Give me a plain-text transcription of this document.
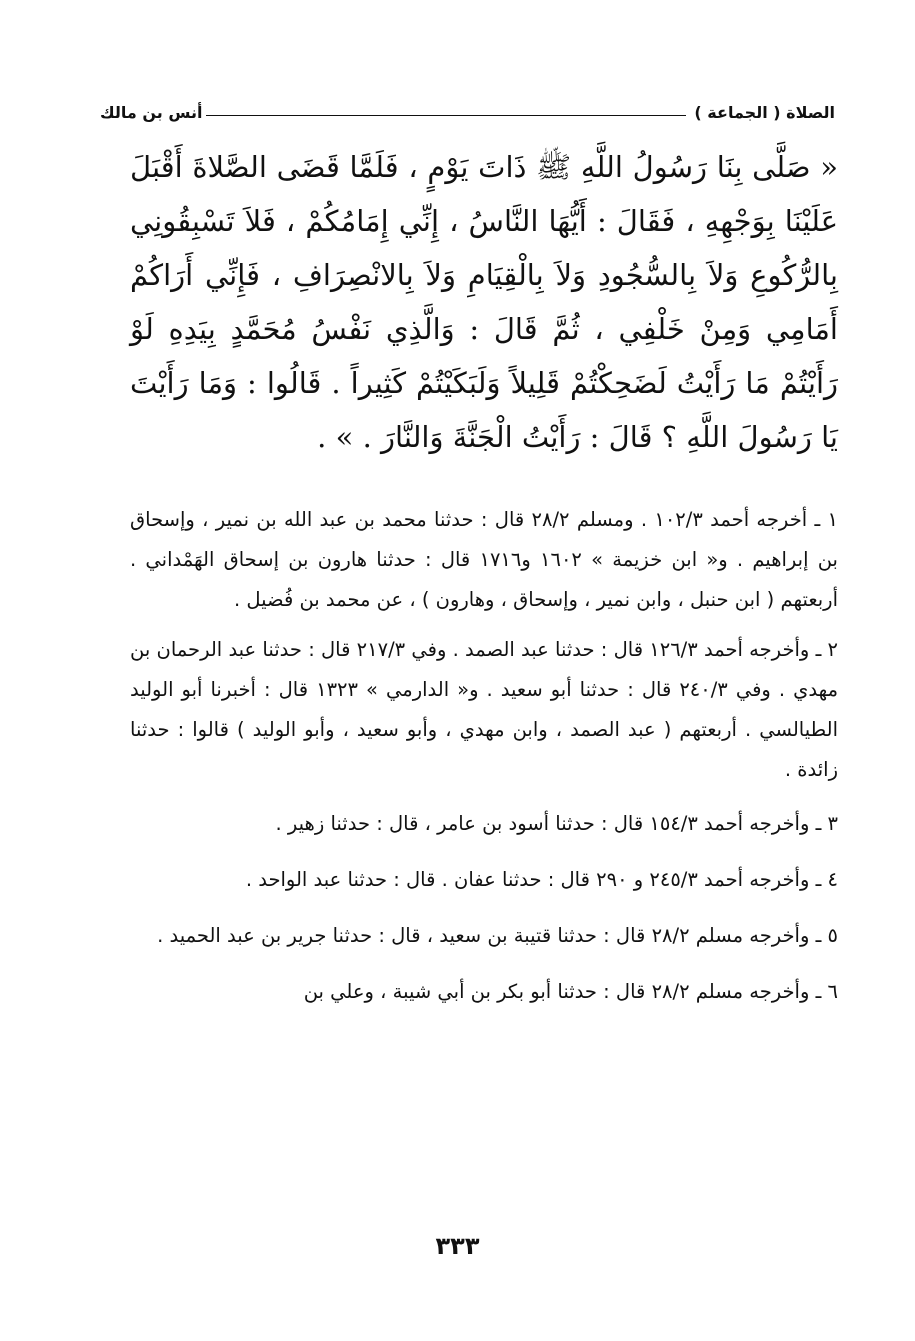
الصلاة ( الجماعة )
أنس بن مالك
« صَلَّى بِنَا رَسُولُ اللَّهِ ﷺ ذَاتَ يَوْمٍ ، فَلَمَّا قَضَى الصَّلاةَ أَقْبَلَ عَلَيْنَا بِوَجْهِهِ ، فَقَالَ : أَيُّهَا النَّاسُ ، إِنِّي إِمَامُكُمْ ، فَلاَ تَسْبِقُونِي بِالرُّكُوعِ وَلاَ بِالسُّجُودِ وَلاَ بِالْقِيَامِ وَلاَ بِالانْصِرَافِ ، فَإِنِّي أَرَاكُمْ أَمَامِي وَمِنْ خَلْفِي ، ثُمَّ قَالَ : وَالَّذِي نَفْسُ مُحَمَّدٍ بِيَدِهِ لَوْ رَأَيْتُمْ مَا رَأَيْتُ لَضَحِكْتُمْ قَلِيلاً وَلَبَكَيْتُمْ كَثِيراً . قَالُوا : وَمَا رَأَيْتَ يَا رَسُولَ اللَّهِ ؟ قَالَ : رَأَيْتُ الْجَنَّةَ وَالنَّارَ . » .

١ ـ أخرجه أحمد ١٠٢/٣ . ومسلم ٢٨/٢ قال : حدثنا محمد بن عبد الله بن نمير ، وإسحاق بن إبراهيم . و« ابن خزيمة » ١٦٠٢ و١٧١٦ قال : حدثنا هارون بن إسحاق الهَمْداني . أربعتهم ( ابن حنبل ، وابن نمير ، وإسحاق ، وهارون ) ، عن محمد بن فُضيل .

٢ ـ وأخرجه أحمد ١٢٦/٣ قال : حدثنا عبد الصمد . وفي ٢١٧/٣ قال : حدثنا عبد الرحمان بن مهدي . وفي ٢٤٠/٣ قال : حدثنا أبو سعيد . و« الدارمي » ١٣٢٣ قال : أخبرنا أبو الوليد الطيالسي . أربعتهم ( عبد الصمد ، وابن مهدي ، وأبو سعيد ، وأبو الوليد ) قالوا : حدثنا زائدة .

٣ ـ وأخرجه أحمد ١٥٤/٣ قال : حدثنا أسود بن عامر ، قال : حدثنا زهير .

٤ ـ وأخرجه أحمد ٢٤٥/٣ و ٢٩٠ قال : حدثنا عفان . قال : حدثنا عبد الواحد .

٥ ـ وأخرجه مسلم ٢٨/٢ قال : حدثنا قتيبة بن سعيد ، قال : حدثنا جرير بن عبد الحميد .

٦ ـ وأخرجه مسلم ٢٨/٢ قال : حدثنا أبو بكر بن أبي شيبة ، وعلي بن

٣٣٣
